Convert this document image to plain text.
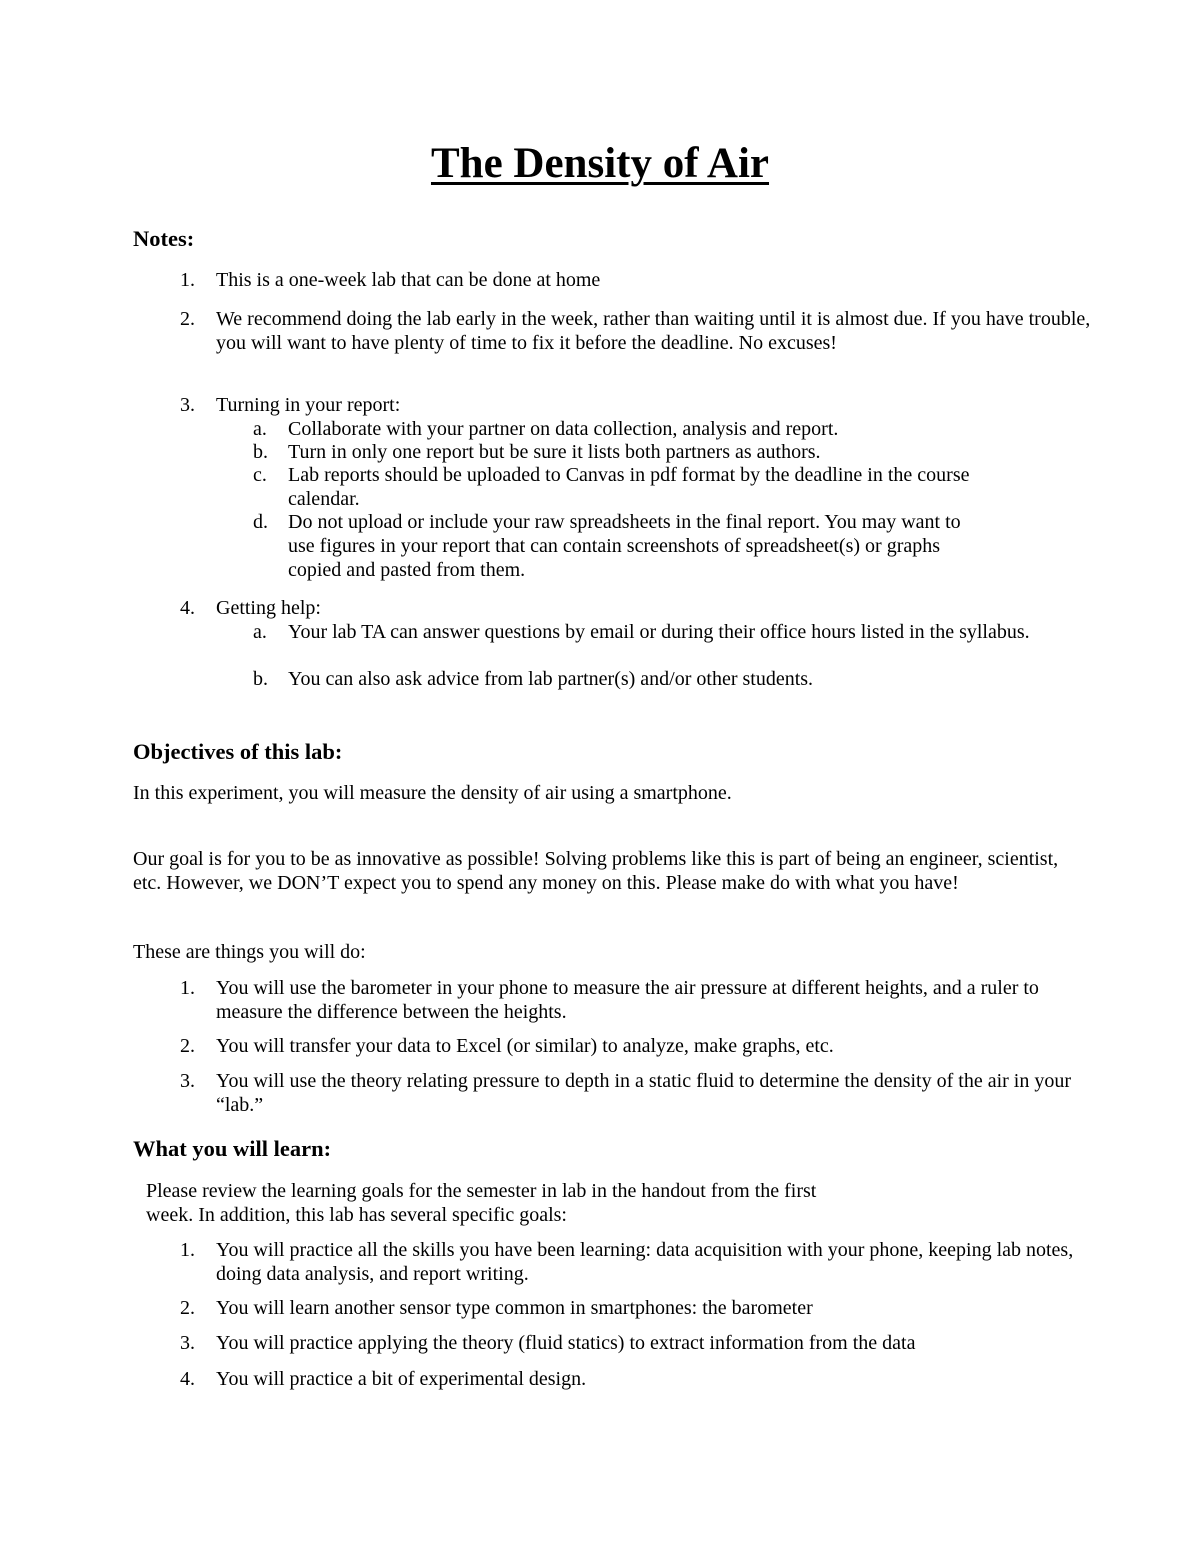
The Density of Air
Notes:
1.	This is a one-week lab that can be done at home
2.	We recommend doing the lab early in the week, rather than waiting until it is almost due. If you have trouble, you will want to have plenty of time to fix it before the deadline. No excuses!
3.	Turning in your report:
a.	Collaborate with your partner on data collection, analysis and report.
b.	Turn in only one report but be sure it lists both partners as authors.
c.	Lab reports should be uploaded to Canvas in pdf format by the deadline in the course calendar.
d.	Do not upload or include your raw spreadsheets in the final report. You may want to use figures in your report that can contain screenshots of spreadsheet(s) or graphs copied and pasted from them.
4.	Getting help:
a.	Your lab TA can answer questions by email or during their office hours listed in the syllabus.
b.	You can also ask advice from lab partner(s) and/or other students.
Objectives of this lab:

In this experiment, you will measure the density of air using a smartphone.

Our goal is for you to be as innovative as possible! Solving problems like this is part of being an engineer, scientist, etc. However, we DON’T expect you to spend any money on this. Please make do with what you have!

These are things you will do:

1.	You will use the barometer in your phone to measure the air pressure at different heights, and a ruler to measure the difference between the heights.
2.	You will transfer your data to Excel (or similar) to analyze, make graphs, etc.
3.	You will use the theory relating pressure to depth in a static fluid to determine the density of the air in your “lab.”
What you will learn:

Please review the learning goals for the semester in lab in the handout from the first

week. In addition, this lab has several specific goals:

1.	You will practice all the skills you have been learning: data acquisition with your phone, keeping lab notes, doing data analysis, and report writing.
2.	You will learn another sensor type common in smartphones: the barometer
3.	You will practice applying the theory (fluid statics) to extract information from the data
4.	You will practice a bit of experimental design.
